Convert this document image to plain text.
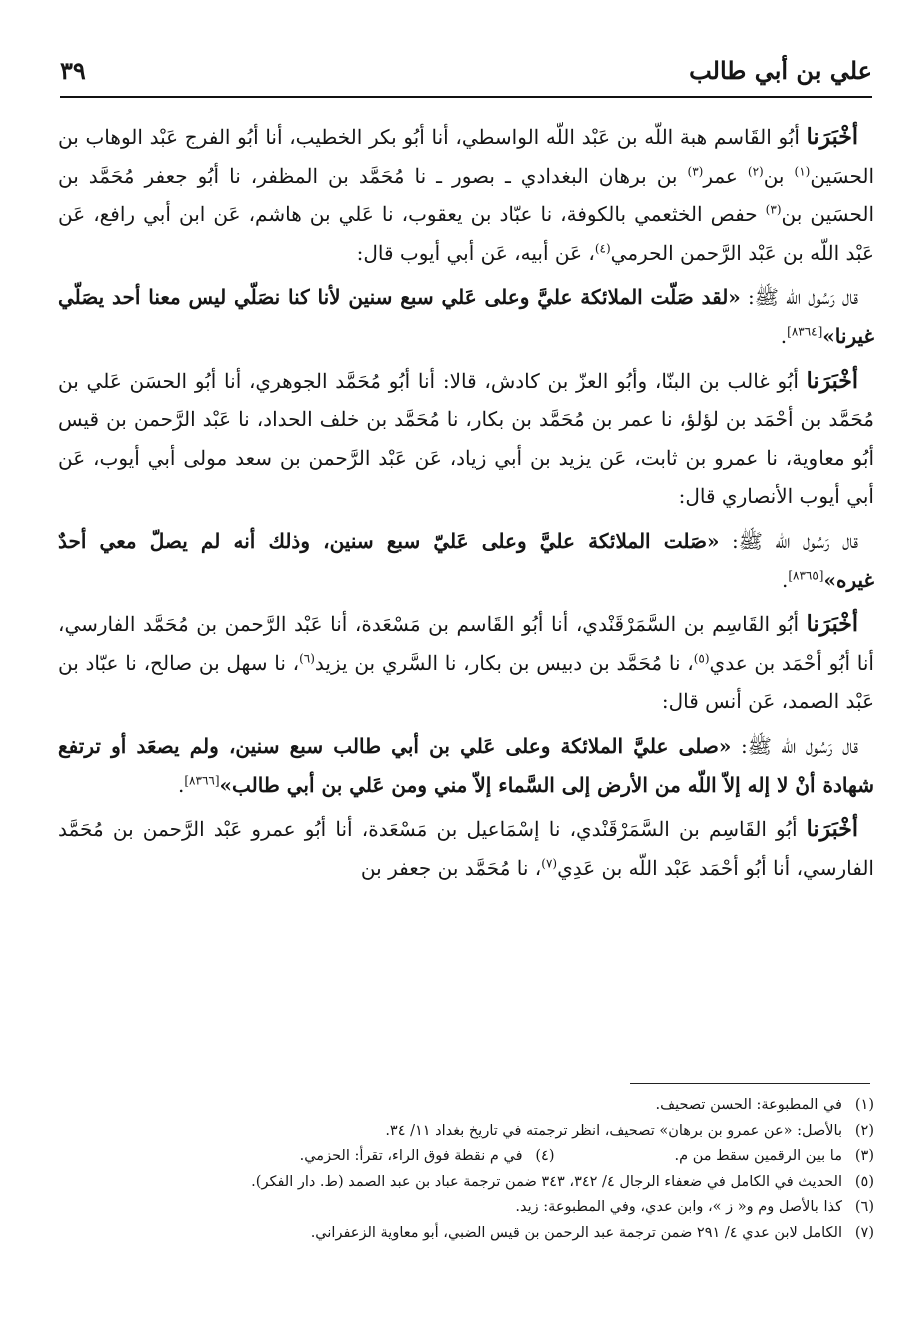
علي بن أبي طالب
٣٩

أخْبَرَنا أبُو القَاسم هبة اللّه بن عَبْد اللّه الواسطي، أنا أبُو بكر الخطيب، أنا أبُو الفرج عَبْد الوهاب بن الحسَين$^{(١)}$ بن$^{(٢)}$ عمر$^{(٣)}$ بن برهان البغدادي ـ بصور ـ نا مُحَمَّد بن المظفر، نا أبُو جعفر مُحَمَّد بن الحسَين بن$^{(٣)}$ حفص الخثعمي بالكوفة، نا عبّاد بن يعقوب، نا عَلي بن هاشم، عَن ابن أبي رافع، عَن عَبْد اللّه بن عَبْد الرَّحمن الحرمي$^{(٤)}$، عَن أبيه، عَن أبي أيوب قال:

قال رَسُول اللّه ﷺ: «لقد صَلّت الملائكة عليَّ وعلى عَلي سبع سنين لأنا كنا نصَلّي ليس معنا أحد يصَلّي غيرنا»[٨٣٦٤].

أخْبَرَنا أبُو غالب بن البنّا، وأبُو العزّ بن كادش، قالا: أنا أبُو مُحَمَّد الجوهري، أنا أبُو الحسَن عَلي بن مُحَمَّد بن أحْمَد بن لؤلؤ، نا عمر بن مُحَمَّد بن بكار، نا مُحَمَّد بن خلف الحداد، نا عَبْد الرَّحمن بن قيس أبُو معاوية، نا عمرو بن ثابت، عَن يزيد بن أبي زياد، عَن عَبْد الرَّحمن بن سعد مولى أبي أيوب، عَن أبي أيوب الأنصاري قال:

قال رَسُول اللّه ﷺ: «صَلت الملائكة عليَّ وعلى عَليّ سبع سنين، وذلك أنه لم يصلّ معي أحدٌ غيره»[٨٣٦٥].

أخْبَرَنا أبُو القَاسِم بن السَّمَرْقَنْدي، أنا أبُو القَاسم بن مَسْعَدة، أنا عَبْد الرَّحمن بن مُحَمَّد الفارسي، أنا أبُو أحْمَد بن عدي$^{(٥)}$، نا مُحَمَّد بن دبيس بن بكار، نا السَّري بن يزيد$^{(٦)}$، نا سهل بن صالح، نا عبّاد بن عَبْد الصمد، عَن أنس قال:

قال رَسُول اللّه ﷺ: «صلى عليَّ الملائكة وعلى عَلي بن أبي طالب سبع سنين، ولم يصعَد أو ترتفع شهادة أنْ لا إله إلاّ اللّه من الأرض إلى السَّماء إلاّ مني ومن عَلي بن أبي طالب»[٨٣٦٦].

أخْبَرَنا أبُو القَاسِم بن السَّمَرْقَنْدي، نا إسْمَاعيل بن مَسْعَدة، أنا أبُو عمرو عَبْد الرَّحمن بن مُحَمَّد الفارسي، أنا أبُو أحْمَد عَبْد اللّه بن عَدِي$^{(٧)}$، نا مُحَمَّد بن جعفر بن

(١)في المطبوعة: الحسن تصحيف.
(٢)بالأصل: «عن عمرو بن برهان» تصحيف، انظر ترجمته في تاريخ بغداد ١١/ ٣٤.
(٣)
ما بين الرقمين سقط من م.
(٤)
في م نقطة فوق الراء، تقرأ: الحزمي.
(٥)الحديث في الكامل في ضعفاء الرجال ٤/ ٣٤٢، ٣٤٣ ضمن ترجمة عباد بن عبد الصمد (ط. دار الفكر).
(٦)كذا بالأصل وم و« ز »، وابن عدي، وفي المطبوعة: زيد.
(٧)الكامل لابن عدي ٤/ ٢٩١ ضمن ترجمة عبد الرحمن بن قيس الضبي، أبو معاوية الزعفراني.
